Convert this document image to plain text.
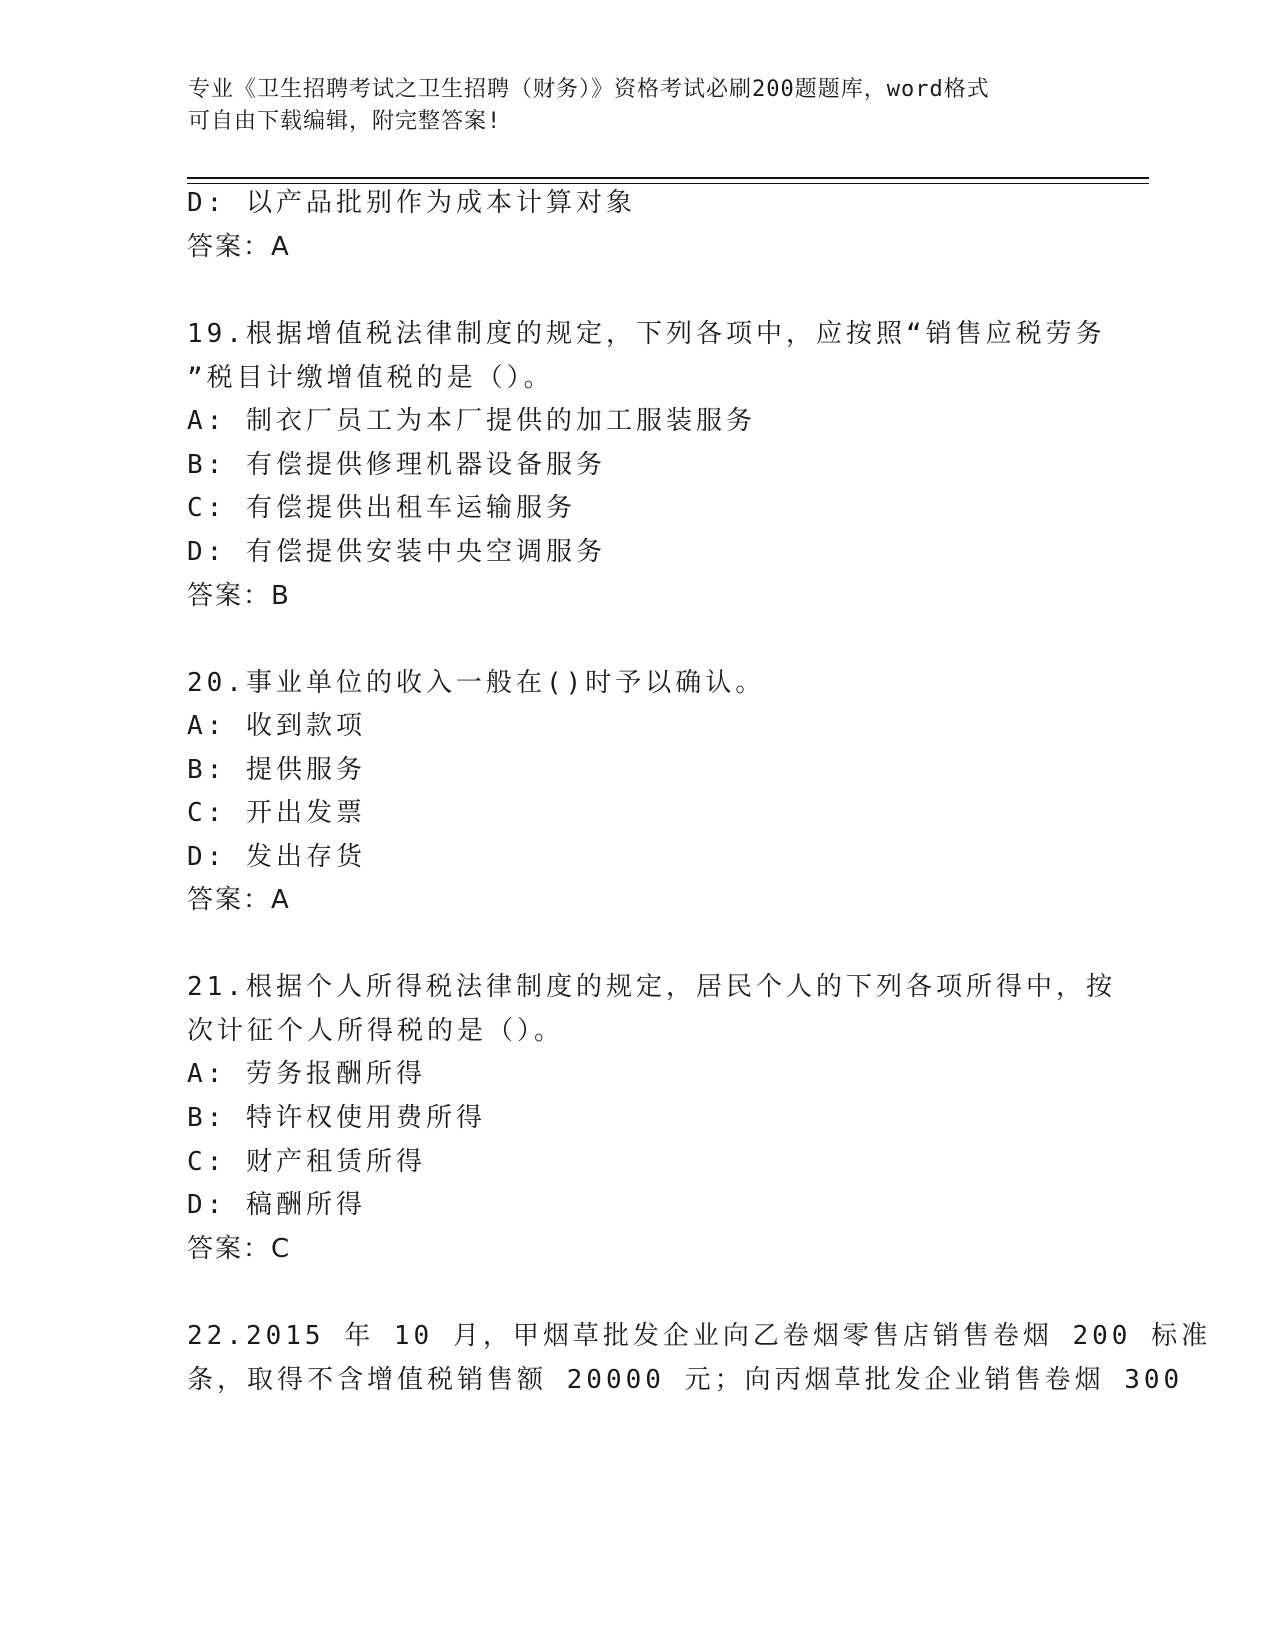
专业《卫生招聘考试之卫生招聘（财务）》资格考试必刷200题题库，word格式
可自由下载编辑，附完整答案!
D: 以产品批别作为成本计算对象
答案：A
19.根据增值税法律制度的规定，下列各项中，应按照“销售应税劳务
”税目计缴增值税的是（）。
A: 制衣厂员工为本厂提供的加工服装服务
B: 有偿提供修理机器设备服务
C: 有偿提供出租车运输服务
D: 有偿提供安装中央空调服务
答案：B
20.事业单位的收入一般在()时予以确认。
A: 收到款项
B: 提供服务
C: 开出发票
D: 发出存货
答案：A
21.根据个人所得税法律制度的规定，居民个人的下列各项所得中，按
次计征个人所得税的是（）。
A: 劳务报酬所得
B: 特许权使用费所得
C: 财产租赁所得
D: 稿酬所得
答案：C
22.2015 年 10 月，甲烟草批发企业向乙卷烟零售店销售卷烟 200 标准
条，取得不含增值税销售额 20000 元；向丙烟草批发企业销售卷烟 300
